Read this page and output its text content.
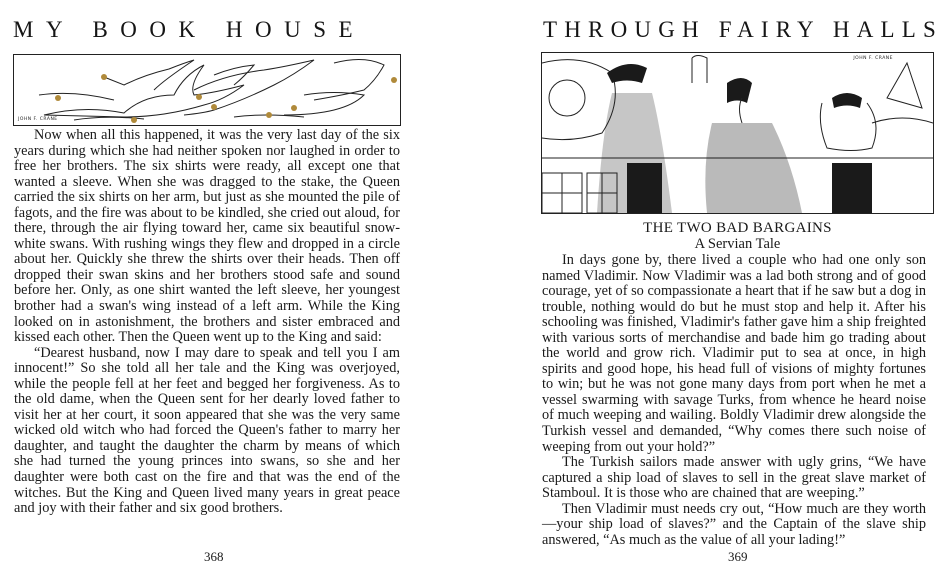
MY BOOK HOUSE
JOHN F. CRANE

Now when all this happened, it was the very last day of the six years during which she had neither spoken nor laughed in order to free her brothers. The six shirts were ready, all except one that wanted a sleeve. When she was dragged to the stake, the Queen carried the six shirts on her arm, but just as she mounted the pile of fagots, and the fire was about to be kindled, she cried out aloud, for there, through the air flying toward her, came six beautiful snow-white swans. With rushing wings they flew and dropped in a circle about her. Quickly she threw the shirts over their heads. Then off dropped their swan skins and her brothers stood safe and sound before her. Only, as one shirt wanted the left sleeve, her youngest brother had a swan's wing instead of a left arm. While the King looked on in astonishment, the brothers and sister embraced and kissed each other. Then the Queen went up to the King and said:

“Dearest husband, now I may dare to speak and tell you I am innocent!” So she told all her tale and the King was overjoyed, while the people fell at her feet and begged her forgiveness. As to the old dame, when the Queen sent for her dearly loved father to visit her at her court, it soon appeared that she was the very same wicked old witch who had forced the Queen's father to marry her daughter, and taught the daughter the charm by means of which she had turned the young princes into swans, so she and her daughter were both cast on the fire and that was the end of the witches. But the King and Queen lived many years in great peace and joy with their father and six good brothers.

368
THROUGH FAIRY HALLS
JOHN F. CRANE
THE TWO BAD BARGAINS
A Servian Tale

In days gone by, there lived a couple who had one only son named Vladimir. Now Vladimir was a lad both strong and of good courage, yet of so compassionate a heart that if he saw but a dog in trouble, nothing would do but he must stop and help it. After his schooling was finished, Vladimir's father gave him a ship freighted with various sorts of merchandise and bade him go trading about the world and grow rich. Vladimir put to sea at once, in high spirits and good hope, his head full of visions of mighty fortunes to win; but he was not gone many days from port when he met a vessel swarming with savage Turks, from whence he heard noise of much weeping and wailing. Boldly Vladimir drew alongside the Turkish vessel and demanded, “Why comes there such noise of weeping from out your hold?”

The Turkish sailors made answer with ugly grins, “We have captured a ship load of slaves to sell in the great slave market of Stamboul. It is those who are chained that are weeping.”

Then Vladimir must needs cry out, “How much are they worth—your ship load of slaves?” and the Captain of the slave ship answered, “As much as the value of all your lading!”

369
